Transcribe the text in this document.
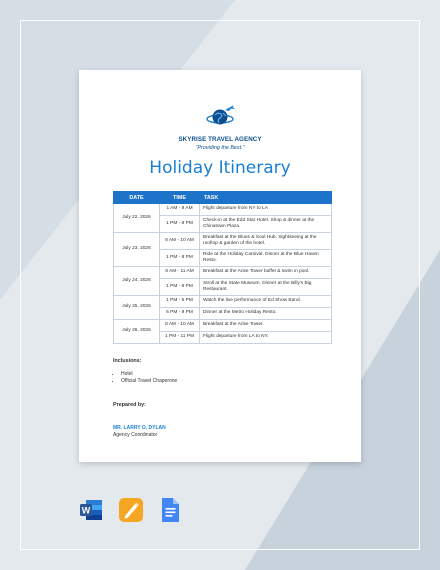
SKYRISE TRAVEL AGENCY
“Providing the Best.”
Holiday Itinerary
DATE	TIME	TASK
July 22, 2026	1 AM - 9 AM	Flight departure from NY to LA
	1 PM - 8 PM	Check-in at the Edd Star Hotel. Shop & dinner at the Chinatown Plaza.
July 23, 2026	8 AM - 10 AM	Breakfast at the Blues & Soul Hub. Sightseeing at the rooftop & garden of the hotel.
	1 PM - 8 PM	Ride at the Holiday Carnival. Dinner at the Blue Haven Resto.
July 24, 2026	8 AM - 11 AM	Breakfast at the Arise Tower buffet & swim in pool.
	1 PM - 8 PM	Stroll at the State Museum. Dinner at the Billy’s Big Restaurant.
July 25, 2026	1 PM - 5 PM	Watch the live performance of Ed Show Band.
	6 PM - 9 PM	Dinner at the Metro Holiday Resto.
July 26, 2026	8 AM - 10 AM	Breakfast at the Arise Tower.
	1 PM - 11 PM	Flight departure from LA to NY.
Inclusions:
• Hotel
• Official Travel Chaperone
Prepared by:
MR. LARRY O. DYLAN
Agency Coordinator
W
